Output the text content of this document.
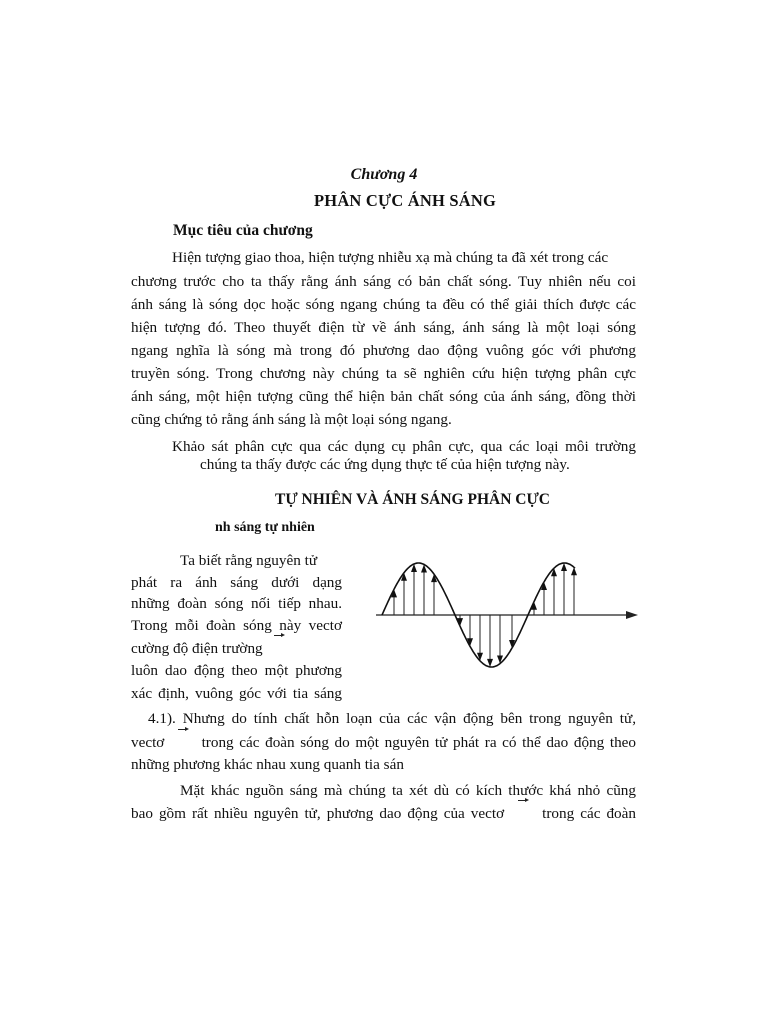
Chương 4
PHÂN CỰC ÁNH SÁNG
Mục tiêu của chương
Hiện tượng giao thoa, hiện tượng nhiễu xạ mà chúng ta đã xét trong các
chương trước cho ta thấy rằng ánh sáng có bản chất sóng. Tuy nhiên nếu coi
ánh sáng là sóng dọc hoặc sóng ngang chúng ta đều có thể giải thích được các
hiện tượng đó. Theo thuyết điện từ về ánh sáng, ánh sáng là một loại sóng
ngang nghĩa là sóng mà trong đó phương dao động vuông góc với phương
truyền sóng. Trong chương này chúng ta sẽ nghiên cứu hiện tượng phân cực
ánh sáng, một hiện tượng cũng thể hiện bản chất sóng của ánh sáng, đồng thời
cũng chứng tỏ rằng ánh sáng là một loại sóng ngang.
Khảo sát phân cực qua các dụng cụ phân cực, qua các loại môi trường
chúng ta thấy được các ứng dụng thực tế của hiện tượng này.
TỰ NHIÊN VÀ ÁNH SÁNG PHÂN CỰC
nh sáng tự nhiên
Ta biết rằng nguyên tử
phát ra ánh sáng dưới dạng
những đoàn sóng nối tiếp nhau.
Trong mỗi đoàn sóng này vectơ
cường độ điện trường
luôn dao động theo một phương
xác định, vuông góc với tia sáng
4.1). Nhưng do tính chất hỗn loạn của các vận động bên trong nguyên tử,
vectơ trong các đoàn sóng do một nguyên tử phát ra có thể dao động theo
những phương khác nhau xung quanh tia sán
Mặt khác nguồn sáng mà chúng ta xét dù có kích thước khá nhỏ cũng
bao gồm rất nhiều nguyên tử, phương dao động của vectơ	trong các đoàn
